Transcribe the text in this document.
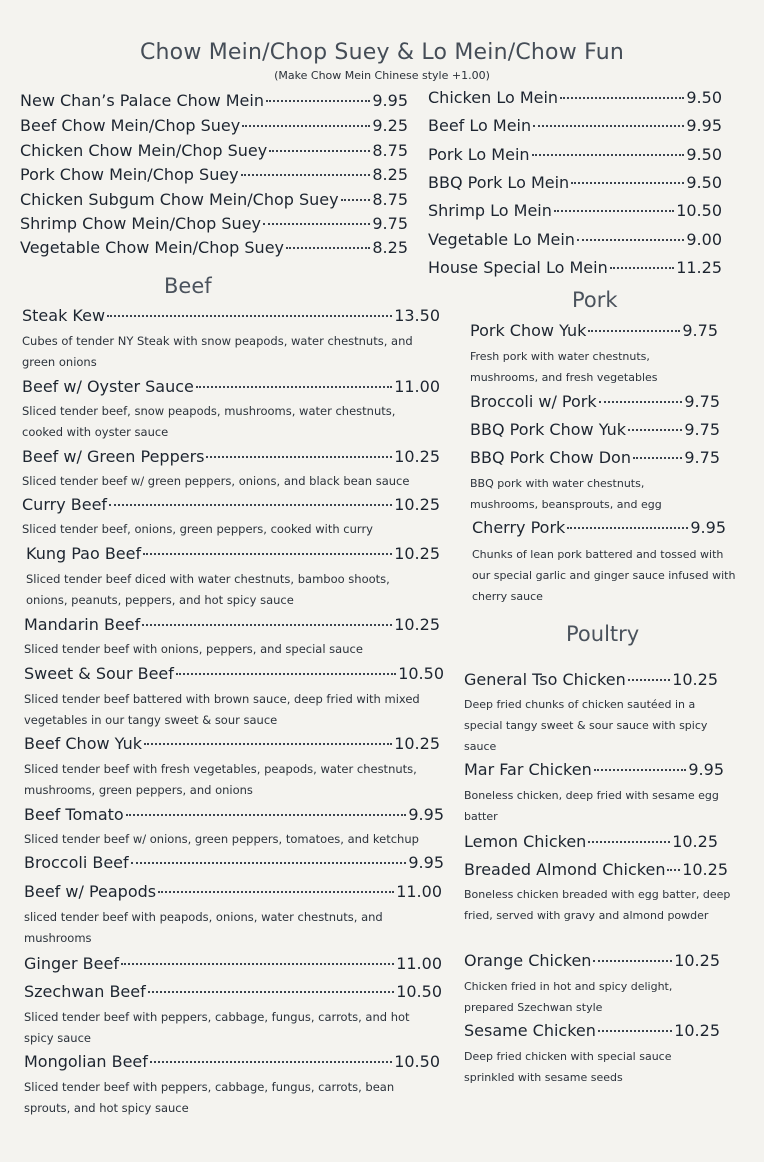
Chow Mein/Chop Suey & Lo Mein/Chow Fun
(Make Chow Mein Chinese style +1.00)
New Chan’s Palace Chow Mein	9.95
Beef Chow Mein/Chop Suey	9.25
Chicken Chow Mein/Chop Suey	8.75
Pork Chow Mein/Chop Suey	8.25
Chicken Subgum Chow Mein/Chop Suey 8.75
Shrimp Chow Mein/Chop Suey	9.75
Vegetable Chow Mein/Chop Suey	8.25
Chicken Lo Mein	9.50
Beef Lo Mein	9.95
Pork Lo Mein	9.50
BBQ Pork Lo Mein	9.50
Shrimp Lo Mein	10.50
Vegetable Lo Mein	9.00
House Special Lo Mein	11.25
Beef
Steak Kew	13.50
Cubes of tender NY Steak with snow peapods, water chestnuts, and green onions
Beef w/ Oyster Sauce	11.00
Sliced tender beef, snow peapods, mushrooms, water chestnuts, cooked with oyster sauce
Beef w/ Green Peppers	10.25
Sliced tender beef w/ green peppers, onions, and black bean sauce
Curry Beef	10.25
Sliced tender beef, onions, green peppers, cooked with curry
Kung Pao Beef	10.25
Sliced tender beef diced with water chestnuts, bamboo shoots, onions, peanuts, peppers, and hot spicy sauce
Mandarin Beef	10.25
Sliced tender beef with onions, peppers, and special sauce
Sweet & Sour Beef	10.50
Sliced tender beef battered with brown sauce, deep fried with mixed vegetables in our tangy sweet & sour sauce
Beef Chow Yuk	10.25
Sliced tender beef with fresh vegetables, peapods, water chestnuts, mushrooms, green peppers, and onions
Beef Tomato	9.95
Sliced tender beef w/ onions, green peppers, tomatoes, and ketchup
Broccoli Beef	9.95
Beef w/ Peapods	11.00
sliced tender beef with peapods, onions, water chestnuts, and mushrooms
Ginger Beef	11.00
Szechwan Beef	10.50
Sliced tender beef with peppers, cabbage, fungus, carrots, and hot spicy sauce
Mongolian Beef	10.50
Sliced tender beef with peppers, cabbage, fungus, carrots, bean sprouts, and hot spicy sauce
Pork
Pork Chow Yuk	9.75
Fresh pork with water chestnuts, mushrooms, and fresh vegetables
Broccoli w/ Pork	9.75
BBQ Pork Chow Yuk	9.75
BBQ Pork Chow Don	9.75
BBQ pork with water chestnuts, mushrooms, beansprouts, and egg
Cherry Pork	9.95
Chunks of lean pork battered and tossed with our special garlic and ginger sauce infused with cherry sauce
Poultry
General Tso Chicken	10.25
Deep fried chunks of chicken sautéed in a special tangy sweet & sour sauce with spicy sauce
Mar Far Chicken	9.95
Boneless chicken, deep fried with sesame egg batter
Lemon Chicken	10.25
Breaded Almond Chicken 10.25
Boneless chicken breaded with egg batter, deep fried, served with gravy and almond powder
Orange Chicken	10.25
Chicken fried in hot and spicy delight, prepared Szechwan style
Sesame Chicken	10.25
Deep fried chicken with special sauce sprinkled with sesame seeds
